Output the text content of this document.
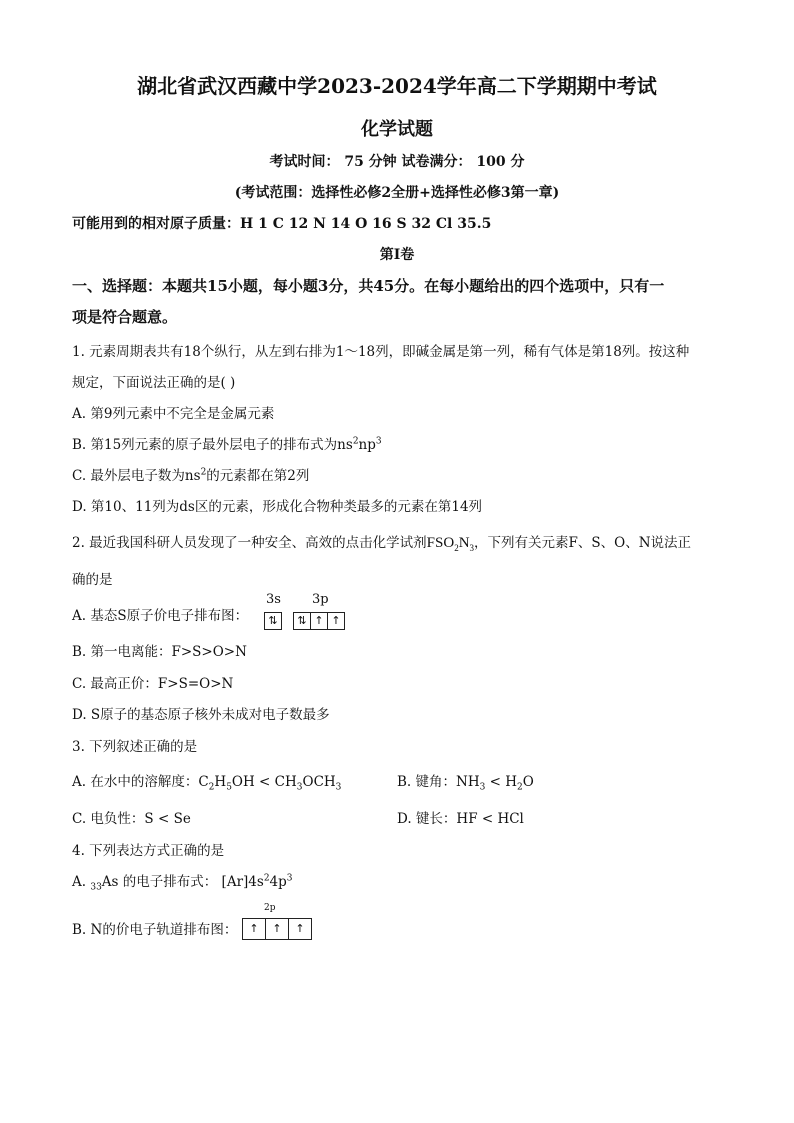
湖北省武汉西藏中学2023-2024学年高二下学期期中考试
化学试题
考试时间： 75 分钟 试卷满分： 100 分
(考试范围：选择性必修2全册+选择性必修3第一章)
可能用到的相对原子质量：H 1 C 12 N 14 O 16 S 32 Cl 35.5
第Ⅰ卷
一、选择题：本题共15小题，每小题3分，共45分。在每小题给出的四个选项中，只有一
项是符合题意。
1. 元素周期表共有18个纵行，从左到右排为1～18列，即碱金属是第一列，稀有气体是第18列。按这种
规定，下面说法正确的是( )
A. 第9列元素中不完全是金属元素
B. 第15列元素的原子最外层电子的排布式为$ns^2np^3$
C. 最外层电子数为$ns^2$的元素都在第2列
D. 第10、11列为ds区的元素，形成化合物种类最多的元素在第14列
2. 最近我国科研人员发现了一种安全、高效的点击化学试剂$FSO_2N_3$，下列有关元素F、S、O、N说法正
确的是
A. 基态S原子价电子排布图：
3s 3p
⇅	⇅ ↑ ↑
B. 第一电离能：F>S>O>N
C. 最高正价：F>S=O>N
D. S原子的基态原子核外未成对电子数最多
3. 下列叙述正确的是
A. 在水中的溶解度：$C_2H_5OH < CH_3OCH_3$	B. 键角：$NH_3 < H_2O$
C. 电负性：S < Se	D. 键长：HF < HCl
4. 下列表达方式正确的是
A. $_{33}$As 的电子排布式： $[Ar]4s^24p^3$
B. N的价电子轨道排布图：
2p
↑	↑	↑
